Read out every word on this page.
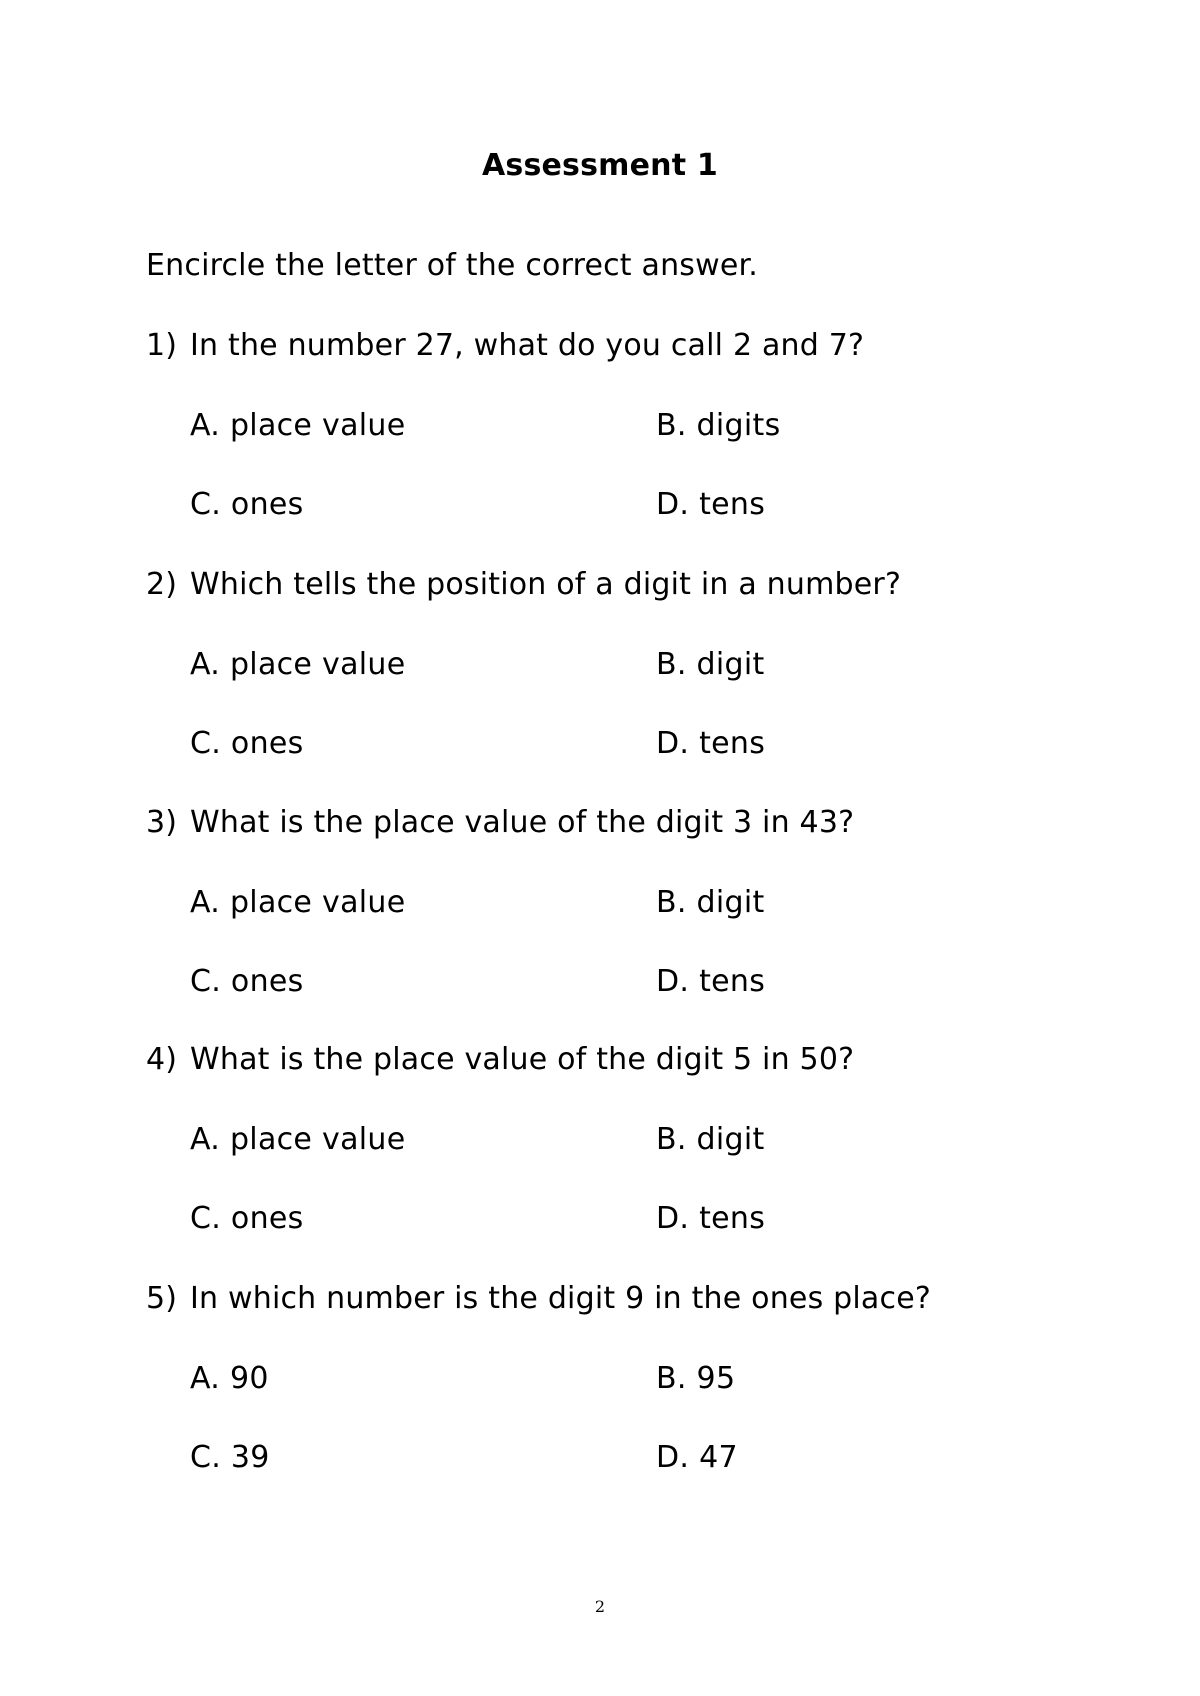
Assessment 1
Encircle the letter of the correct answer.
1) In the number 27, what do you call 2 and 7?
A. place value	B. digits
C. ones	D. tens
2) Which tells the position of a digit in a number?
A. place value	B. digit
C. ones	D. tens
3) What is the place value of the digit 3 in 43?
A. place value	B. digit
C. ones	D. tens
4) What is the place value of the digit 5 in 50?
A. place value	B. digit
C. ones	D. tens
5) In which number is the digit 9 in the ones place?
A. 90	B. 95
C. 39	D. 47
2
